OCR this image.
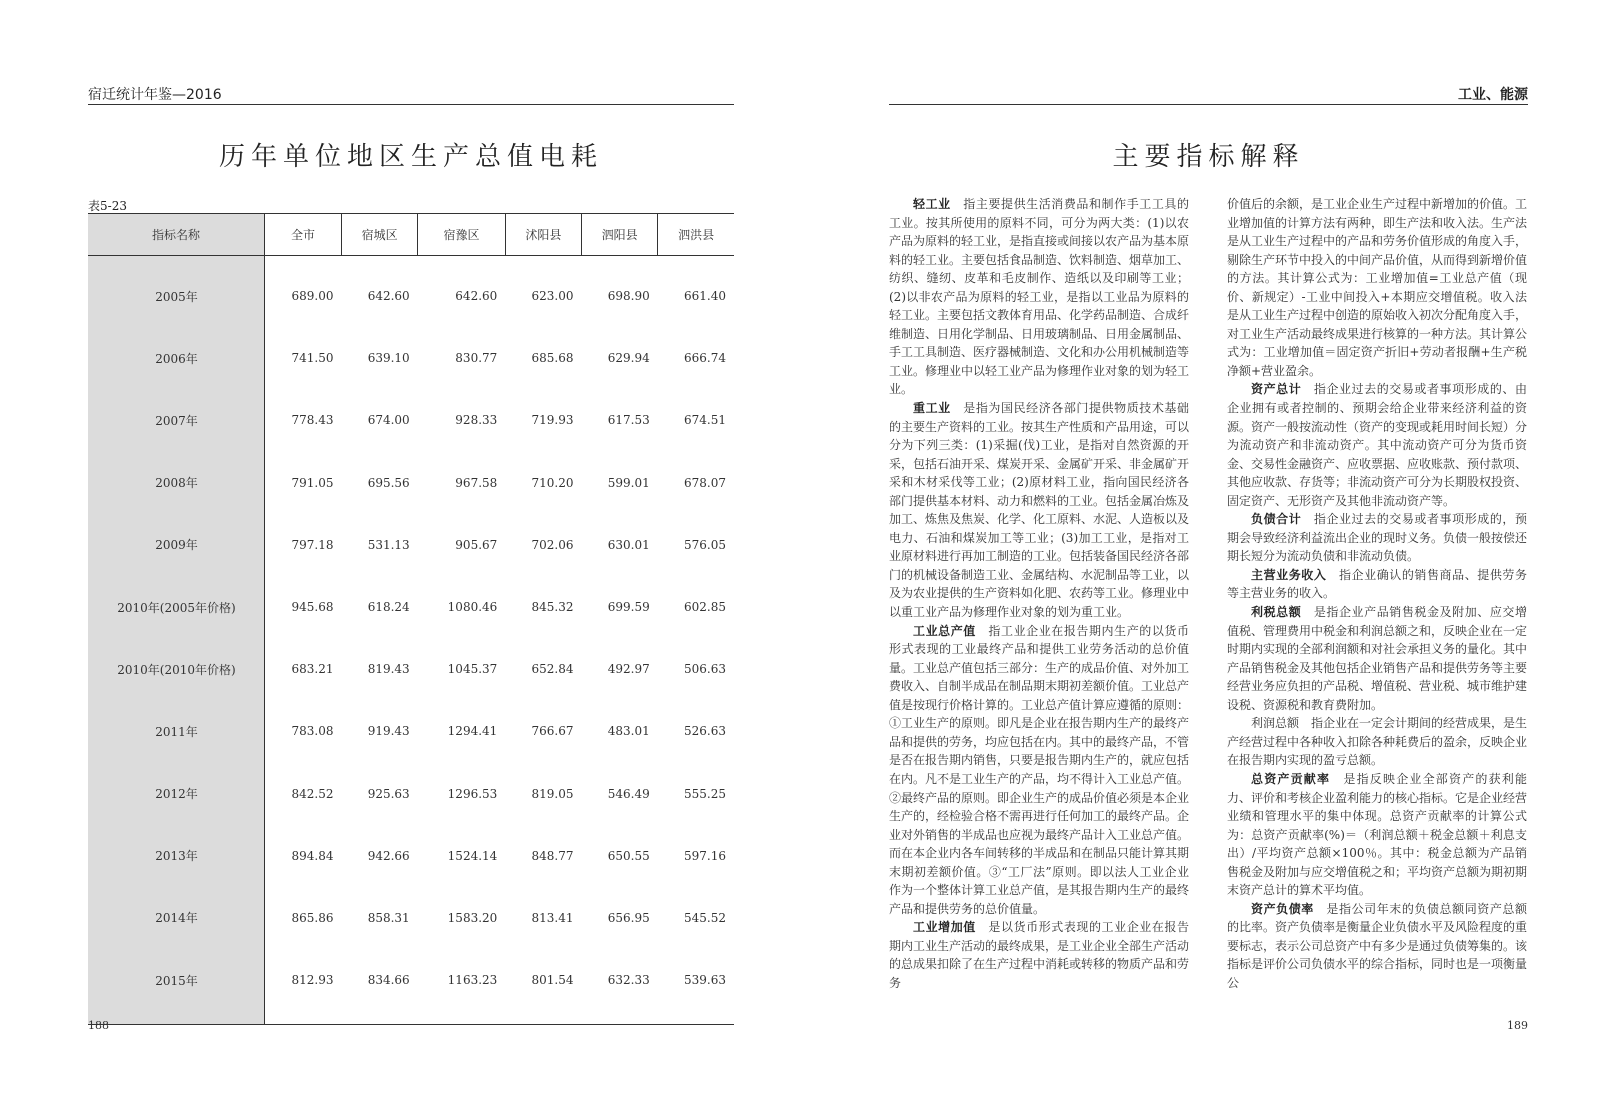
宿迁统计年鉴—2016
历年单位地区生产总值电耗
表5-23
指标名称	全市	宿城区	宿豫区	沭阳县	泗阳县	泗洪县
2005年	689.00	642.60	642.60	623.00	698.90	661.40
2006年	741.50	639.10	830.77	685.68	629.94	666.74
2007年	778.43	674.00	928.33	719.93	617.53	674.51
2008年	791.05	695.56	967.58	710.20	599.01	678.07
2009年	797.18	531.13	905.67	702.06	630.01	576.05
2010年(2005年价格)	945.68	618.24	1080.46	845.32	699.59	602.85
2010年(2010年价格)	683.21	819.43	1045.37	652.84	492.97	506.63
2011年	783.08	919.43	1294.41	766.67	483.01	526.63
2012年	842.52	925.63	1296.53	819.05	546.49	555.25
2013年	894.84	942.66	1524.14	848.77	650.55	597.16
2014年	865.86	858.31	1583.20	813.41	656.95	545.52
2015年	812.93	834.66	1163.23	801.54	632.33	539.63
188
工业、能源
主要指标解释

轻工业　指主要提供生活消费品和制作手工工具的工业。按其所使用的原料不同，可分为两大类：(1)以农产品为原料的轻工业，是指直接或间接以农产品为基本原料的轻工业。主要包括食品制造、饮料制造、烟草加工、纺织、缝纫、皮革和毛皮制作、造纸以及印刷等工业；(2)以非农产品为原料的轻工业，是指以工业品为原料的轻工业。主要包括文教体育用品、化学药品制造、合成纤维制造、日用化学制品、日用玻璃制品、日用金属制品、手工工具制造、医疗器械制造、文化和办公用机械制造等工业。修理业中以轻工业产品为修理作业对象的划为轻工业。

重工业　是指为国民经济各部门提供物质技术基础的主要生产资料的工业。按其生产性质和产品用途，可以分为下列三类：(1)采掘(伐)工业，是指对自然资源的开采，包括石油开采、煤炭开采、金属矿开采、非金属矿开采和木材采伐等工业；(2)原材料工业，指向国民经济各部门提供基本材料、动力和燃料的工业。包括金属冶炼及加工、炼焦及焦炭、化学、化工原料、水泥、人造板以及电力、石油和煤炭加工等工业；(3)加工工业，是指对工业原材料进行再加工制造的工业。包括装备国民经济各部门的机械设备制造工业、金属结构、水泥制品等工业，以及为农业提供的生产资料如化肥、农药等工业。修理业中以重工业产品为修理作业对象的划为重工业。

工业总产值　指工业企业在报告期内生产的以货币形式表现的工业最终产品和提供工业劳务活动的总价值量。工业总产值包括三部分：生产的成品价值、对外加工费收入、自制半成品在制品期末期初差额价值。工业总产值是按现行价格计算的。工业总产值计算应遵循的原则：①工业生产的原则。即凡是企业在报告期内生产的最终产品和提供的劳务，均应包括在内。其中的最终产品，不管是否在报告期内销售，只要是报告期内生产的，就应包括在内。凡不是工业生产的产品，均不得计入工业总产值。②最终产品的原则。即企业生产的成品价值必须是本企业生产的，经检验合格不需再进行任何加工的最终产品。企业对外销售的半成品也应视为最终产品计入工业总产值。而在本企业内各车间转移的半成品和在制品只能计算其期末期初差额价值。③“工厂法”原则。即以法人工业企业作为一个整体计算工业总产值，是其报告期内生产的最终产品和提供劳务的总价值量。

工业增加值　是以货币形式表现的工业企业在报告期内工业生产活动的最终成果，是工业企业全部生产活动的总成果扣除了在生产过程中消耗或转移的物质产品和劳务

价值后的余额，是工业企业生产过程中新增加的价值。工业增加值的计算方法有两种，即生产法和收入法。生产法是从工业生产过程中的产品和劳务价值形成的角度入手，剔除生产环节中投入的中间产品价值，从而得到新增价值的方法。其计算公式为：工业增加值=工业总产值（现价、新规定）-工业中间投入+本期应交增值税。收入法是从工业生产过程中创造的原始收入初次分配角度入手，对工业生产活动最终成果进行核算的一种方法。其计算公式为：工业增加值＝固定资产折旧+劳动者报酬+生产税净额+营业盈余。

资产总计　指企业过去的交易或者事项形成的、由企业拥有或者控制的、预期会给企业带来经济利益的资源。资产一般按流动性（资产的变现或耗用时间长短）分为流动资产和非流动资产。其中流动资产可分为货币资金、交易性金融资产、应收票据、应收账款、预付款项、其他应收款、存货等；非流动资产可分为长期股权投资、固定资产、无形资产及其他非流动资产等。

负债合计　指企业过去的交易或者事项形成的，预期会导致经济利益流出企业的现时义务。负债一般按偿还期长短分为流动负债和非流动负债。

主营业务收入　指企业确认的销售商品、提供劳务等主营业务的收入。

利税总额　是指企业产品销售税金及附加、应交增值税、管理费用中税金和利润总额之和，反映企业在一定时期内实现的全部利润额和对社会承担义务的量化。其中产品销售税金及其他包括企业销售产品和提供劳务等主要经营业务应负担的产品税、增值税、营业税、城市维护建设税、资源税和教育费附加。

利润总额　指企业在一定会计期间的经营成果，是生产经营过程中各种收入扣除各种耗费后的盈余，反映企业在报告期内实现的盈亏总额。

总资产贡献率　是指反映企业全部资产的获利能力、评价和考核企业盈利能力的核心指标。它是企业经营业绩和管理水平的集中体现。总资产贡献率的计算公式为：总资产贡献率(%)＝（利润总额＋税金总额＋利息支出）/平均资产总额×100％。其中：税金总额为产品销售税金及附加与应交增值税之和；平均资产总额为期初期末资产总计的算术平均值。

资产负债率　是指公司年末的负债总额同资产总额的比率。资产负债率是衡量企业负债水平及风险程度的重要标志，表示公司总资产中有多少是通过负债筹集的。该指标是评价公司负债水平的综合指标，同时也是一项衡量公

189
